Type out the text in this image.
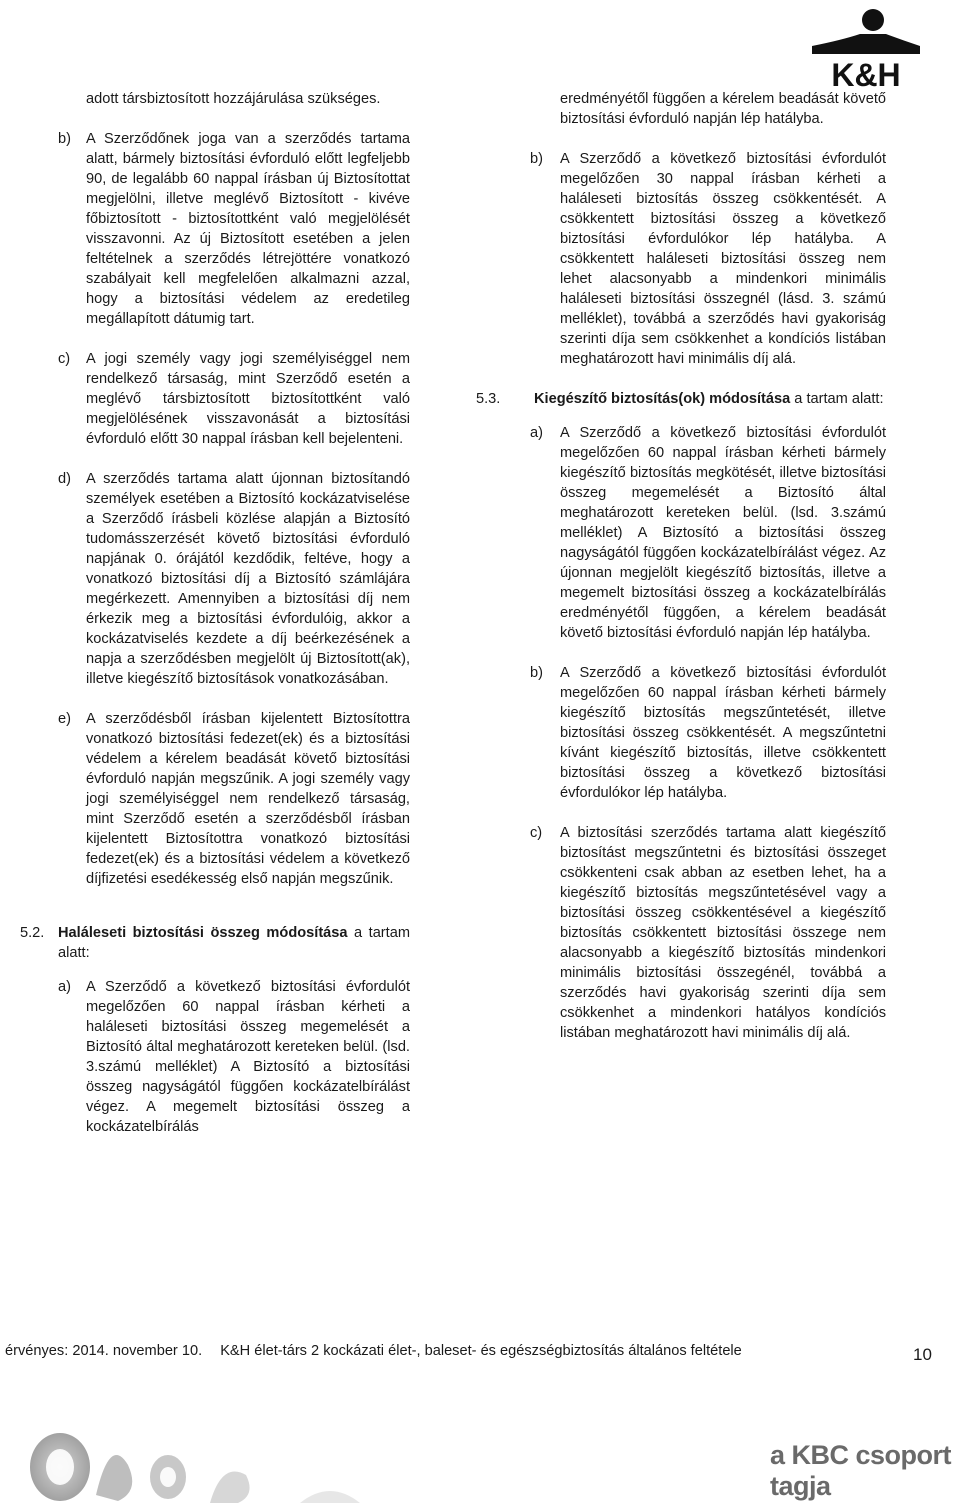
K&H

adott társbiztosított hozzájárulása szükséges.

b) A Szerződőnek joga van a szerződés tartama alatt, bármely biztosítási évforduló előtt legfeljebb 90, de legalább 60 nappal írásban új Biztosítottat megjelölni, illetve meglévő Biztosított - kivéve főbiztosított - biztosítottként való megjelölését visszavonni. Az új Biztosított esetében a jelen feltételnek a szerződés létrejöttére vonatkozó szabályait kell megfelelően alkalmazni azzal, hogy a biztosítási védelem az eredetileg megállapított dátumig tart.

c) A jogi személy vagy jogi személyiséggel nem rendelkező társaság, mint Szerződő esetén a meglévő társbiztosított biztosítottként való megjelölésének visszavonását a biztosítási évforduló előtt 30 nappal írásban kell bejelenteni.

d) A szerződés tartama alatt újonnan biztosítandó személyek esetében a Biztosító kockázatviselése a Szerződő írásbeli közlése alapján a Biztosító tudomásszerzését követő biztosítási évforduló napjának 0. órájától kezdődik, feltéve, hogy a vonatkozó biztosítási díj a Biztosító számlájára megérkezett. Amennyiben a biztosítási díj nem érkezik meg a biztosítási évfordulóig, akkor a kockázatviselés kezdete a díj beérkezésének a napja a szerződésben megjelölt új Biztosított(ak), illetve kiegészítő biztosítások vonatkozásában.

e) A szerződésből írásban kijelentett Biztosítottra vonatkozó biztosítási fedezet(ek) és a biztosítási védelem a kérelem beadását követő biztosítási évforduló napján megszűnik. A jogi személy vagy jogi személyiséggel nem rendelkező társaság, mint Szerződő esetén a szerződésből írásban kijelentett Biztosítottra vonatkozó biztosítási fedezet(ek) és a biztosítási védelem a következő díjfizetési esedékesség első napján megszűnik.

5.2. Haláleseti biztosítási összeg módosítása a tartam alatt:

a) A Szerződő a következő biztosítási évfordulót megelőzően 60 nappal írásban kérheti a haláleseti biztosítási összeg megemelését a Biztosító által meghatározott kereteken belül. (lsd. 3.számú melléklet) A Biztosító a biztosítási összeg nagyságától függően kockázatelbírálást végez. A megemelt biztosítási összeg a kockázatelbírálás

eredményétől függően a kérelem beadását követő biztosítási évforduló napján lép hatályba.

b) A Szerződő a következő biztosítási évfordulót megelőzően 30 nappal írásban kérheti a haláleseti biztosítás összeg csökkentését. A csökkentett biztosítási összeg a következő biztosítási évfordulókor lép hatályba. A csökkentett haláleseti biztosítási összeg nem lehet alacsonyabb a mindenkori minimális haláleseti biztosítási összegnél (lásd. 3. számú melléklet), továbbá a szerződés havi gyakoriság szerinti díja sem csökkenhet a kondíciós listában meghatározott havi minimális díj alá.

5.3. Kiegészítő biztosítás(ok) módosítása a tartam alatt:

a) A Szerződő a következő biztosítási évfordulót megelőzően 60 nappal írásban kérheti bármely kiegészítő biztosítás megkötését, illetve biztosítási összeg megemelését a Biztosító által meghatározott kereteken belül. (lsd. 3.számú melléklet) A Biztosító a biztosítási összeg nagyságától függően kockázatelbírálást végez. Az újonnan megjelölt kiegészítő biztosítás, illetve a megemelt biztosítási összeg a kockázatelbírálás eredményétől függően, a kérelem beadását követő biztosítási évforduló napján lép hatályba.

b) A Szerződő a következő biztosítási évfordulót megelőzően 60 nappal írásban kérheti bármely kiegészítő biztosítás megszűntetését, illetve biztosítási összeg csökkentését. A megszűntetni kívánt kiegészítő biztosítás, illetve csökkentett biztosítási összeg a következő biztosítási évfordulókor lép hatályba.

c) A biztosítási szerződés tartama alatt kiegészítő biztosítást megszűntetni és biztosítási összeget csökkenteni csak abban az esetben lehet, ha a kiegészítő biztosítás megszűntetésével vagy a biztosítási összeg csökkentésével a kiegészítő biztosítás csökkentett biztosítási összege nem alacsonyabb a kiegészítő biztosítás mindenkori minimális biztosítási összegénél, továbbá a szerződés havi gyakoriság szerinti díja sem csökkenhet a mindenkori hatályos kondíciós listában meghatározott havi minimális díj alá.

érvényes: 2014. november 10. K&H élet-társ 2 kockázati élet-, baleset- és egészségbiztosítás általános feltétele	10
a KBC csoport tagja
